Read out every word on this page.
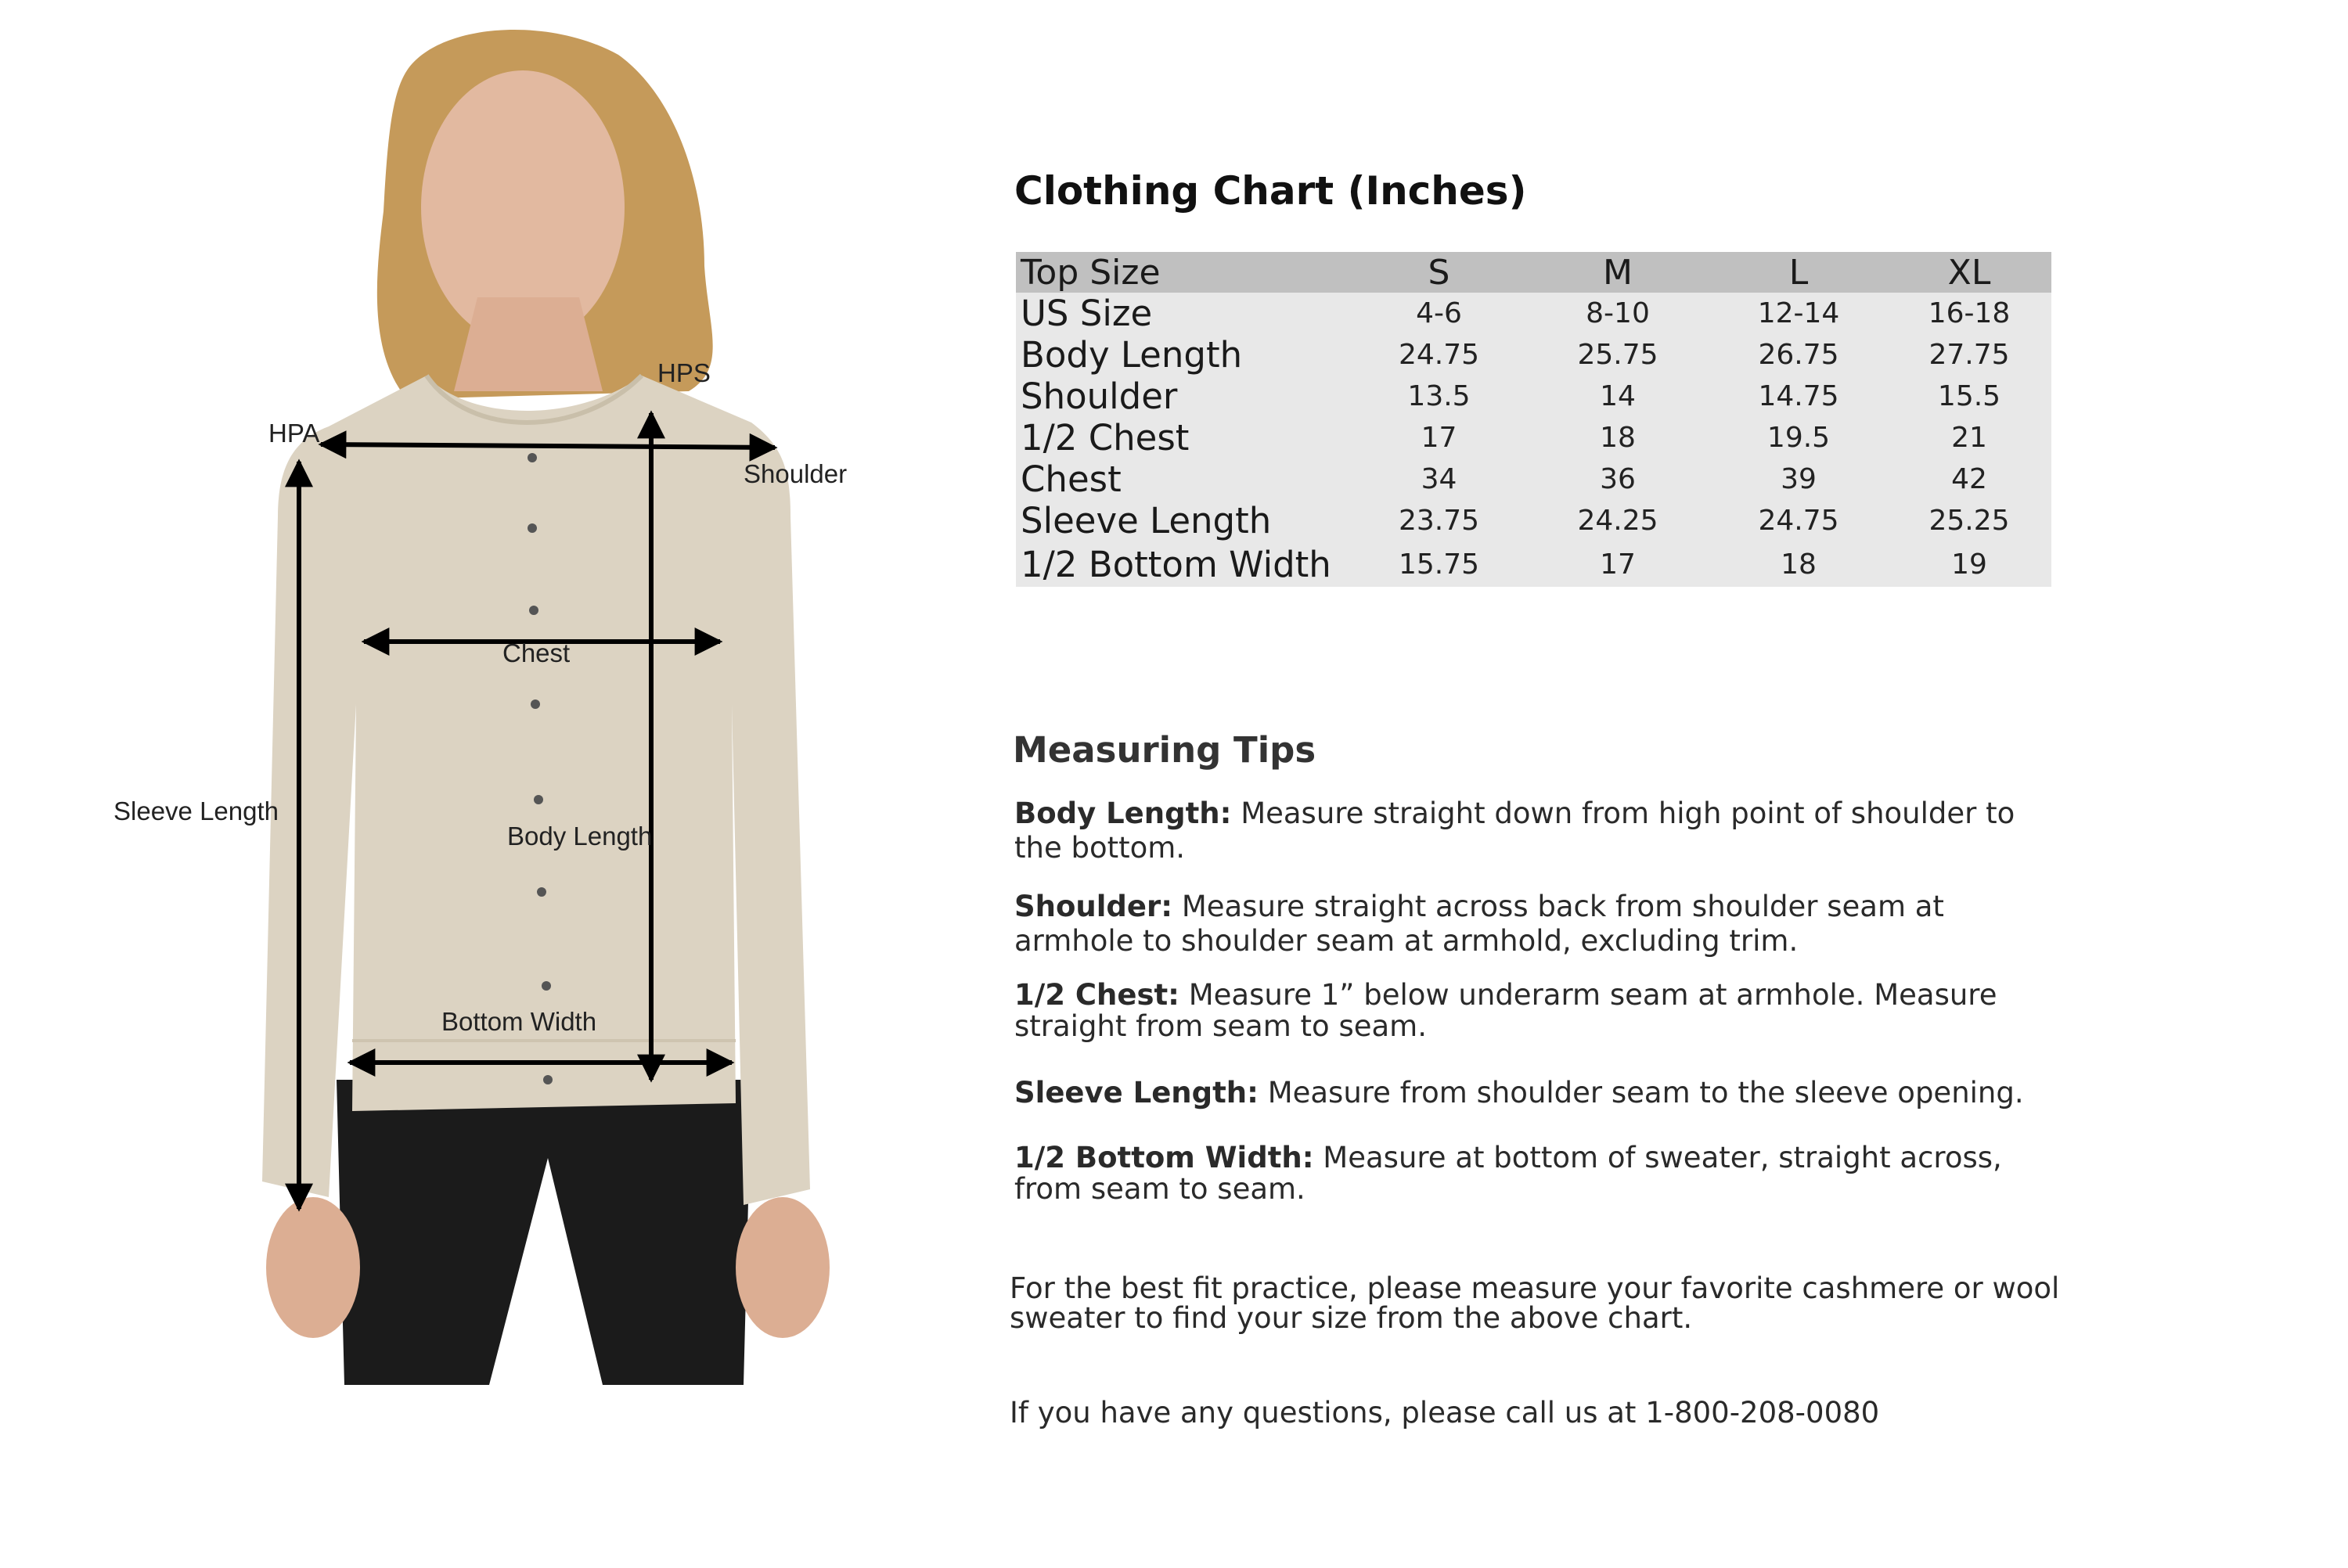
HPS
HPA
Shoulder
Chest
Sleeve Length
Body Length
Bottom Width
Clothing Chart (Inches)
Top Size	S	M	L	XL
US Size	4-6	8-10	12-14	16-18
Body Length	24.75	25.75	26.75	27.75
Shoulder	13.5	14	14.75	15.5
1/2 Chest	17	18	19.5	21
Chest	34	36	39	42
Sleeve Length	23.75	24.25	24.75	25.25
1/2 Bottom Width	15.75	17	18	19
Measuring Tips

Body Length: Measure straight down from high point of shoulder to the bottom.

Shoulder: Measure straight across back from shoulder seam at armhole to shoulder seam at armhold, excluding trim.

1/2 Chest: Measure 1” below underarm seam at armhole. Measure straight from seam to seam.

Sleeve Length: Measure from shoulder seam to the sleeve opening.

1/2 Bottom Width: Measure at bottom of sweater, straight across, from seam to seam.

For the best fit practice, please measure your favorite cashmere or wool sweater to find your size from the above chart.

If you have any questions, please call us at 1-800-208-0080
